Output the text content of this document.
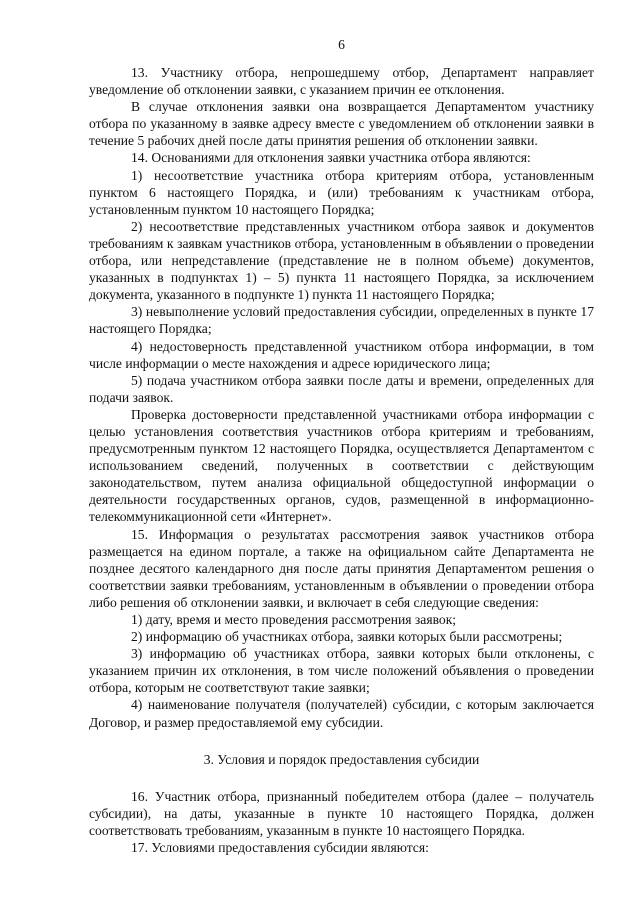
6

13. Участнику отбора, непрошедшему отбор, Департамент направляет уведомление об отклонении заявки, с указанием причин ее отклонения.

В случае отклонения заявки она возвращается Департаментом участнику отбора по указанному в заявке адресу вместе с уведомлением об отклонении заявки в течение 5 рабочих дней после даты принятия решения об отклонении заявки.

14. Основаниями для отклонения заявки участника отбора являются:

1) несоответствие участника отбора критериям отбора, установленным пунктом 6 настоящего Порядка, и (или) требованиям к участникам отбора, установленным пунктом 10 настоящего Порядка;

2) несоответствие представленных участником отбора заявок и документов требованиям к заявкам участников отбора, установленным в объявлении о проведении отбора, или непредставление (представление не в полном объеме) документов, указанных в подпунктах 1) – 5) пункта 11 настоящего Порядка, за исключением документа, указанного в подпункте 1) пункта 11 настоящего Порядка;

3) невыполнение условий предоставления субсидии, определенных в пункте 17 настоящего Порядка;

4) недостоверность представленной участником отбора информации, в том числе информации о месте нахождения и адресе юридического лица;

5) подача участником отбора заявки после даты и времени, определенных для подачи заявок.

Проверка достоверности представленной участниками отбора информации с целью установления соответствия участников отбора критериям и требованиям, предусмотренным пунктом 12 настоящего Порядка, осуществляется Департаментом с использованием сведений, полученных в соответствии с действующим законодательством, путем анализа официальной общедоступной информации о деятельности государственных органов, судов, размещенной в информационно-телекоммуникационной сети «Интернет».

15. Информация о результатах рассмотрения заявок участников отбора размещается на едином портале, а также на официальном сайте Департамента не позднее десятого календарного дня после даты принятия Департаментом решения о соответствии заявки требованиям, установленным в объявлении о проведении отбора либо решения об отклонении заявки, и включает в себя следующие сведения:

1) дату, время и место проведения рассмотрения заявок;

2) информацию об участниках отбора, заявки которых были рассмотрены;

3) информацию об участниках отбора, заявки которых были отклонены, с указанием причин их отклонения, в том числе положений объявления о проведении отбора, которым не соответствуют такие заявки;

4) наименование получателя (получателей) субсидии, с которым заключается Договор, и размер предоставляемой ему субсидии.

3. Условия и порядок предоставления субсидии

16. Участник отбора, признанный победителем отбора (далее – получатель субсидии), на даты, указанные в пункте 10 настоящего Порядка, должен соответствовать требованиям, указанным в пункте 10 настоящего Порядка.

17. Условиями предоставления субсидии являются:
